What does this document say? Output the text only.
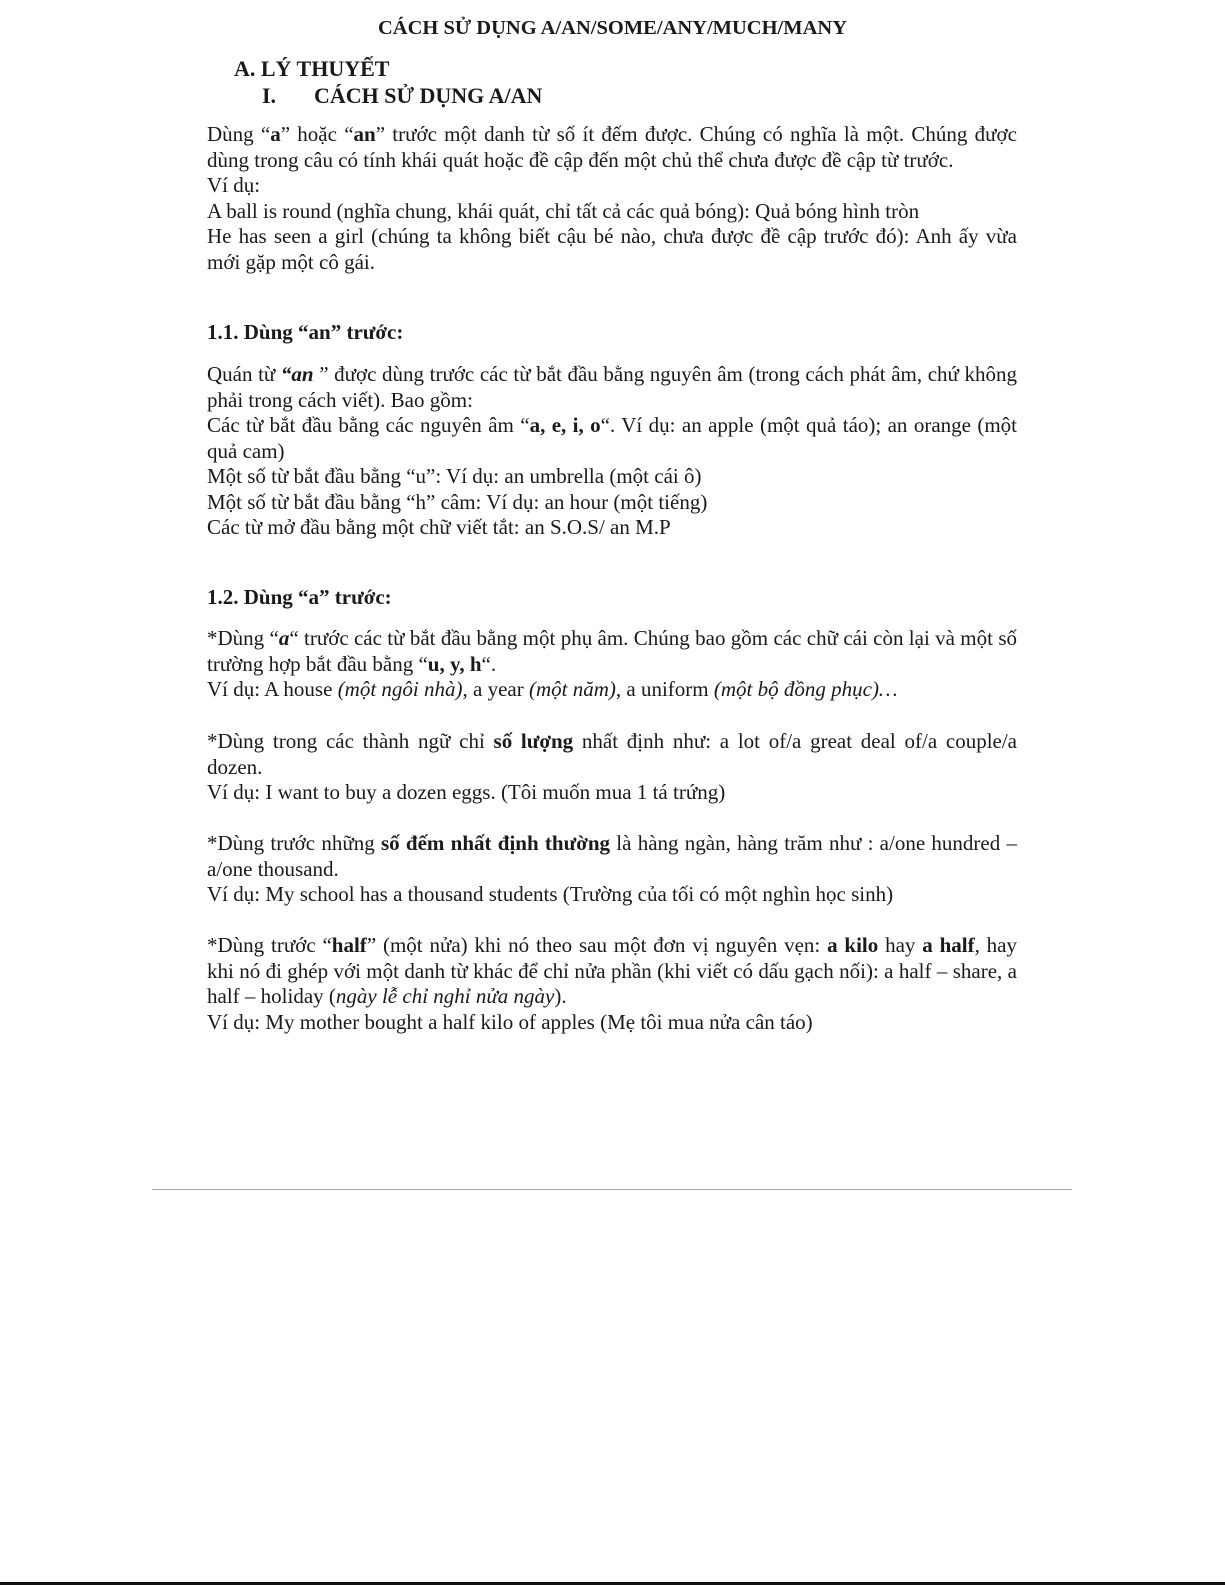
CÁCH SỬ DỤNG A/AN/SOME/ANY/MUCH/MANY
A. LÝ THUYẾT
I. CÁCH SỬ DỤNG A/AN

Dùng “a” hoặc “an” trước một danh từ số ít đếm được. Chúng có nghĩa là một. Chúng được dùng trong câu có tính khái quát hoặc đề cập đến một chủ thể chưa được đề cập từ trước.

Ví dụ:

A ball is round (nghĩa chung, khái quát, chỉ tất cả các quả bóng): Quả bóng hình tròn

He has seen a girl (chúng ta không biết cậu bé nào, chưa được đề cập trước đó): Anh ấy vừa mới gặp một cô gái.

1.1. Dùng “an” trước:

Quán từ “an ” được dùng trước các từ bắt đầu bằng nguyên âm (trong cách phát âm, chứ không phải trong cách viết). Bao gồm:

Các từ bắt đầu bằng các nguyên âm “a, e, i, o“. Ví dụ: an apple (một quả táo); an orange (một quả cam)

Một số từ bắt đầu bằng “u”: Ví dụ: an umbrella (một cái ô)

Một số từ bắt đầu bằng “h” câm: Ví dụ: an hour (một tiếng)

Các từ mở đầu bằng một chữ viết tắt: an S.O.S/ an M.P

1.2. Dùng “a” trước:

*Dùng “a“ trước các từ bắt đầu bằng một phụ âm. Chúng bao gồm các chữ cái còn lại và một số trường hợp bắt đầu bằng “u, y, h“.

Ví dụ: A house (một ngôi nhà), a year (một năm), a uniform (một bộ đồng phục)…

*Dùng trong các thành ngữ chỉ số lượng nhất định như: a lot of/a great deal of/a couple/a dozen.

Ví dụ: I want to buy a dozen eggs. (Tôi muốn mua 1 tá trứng)

*Dùng trước những số đếm nhất định thường là hàng ngàn, hàng trăm như : a/one hundred – a/one thousand.

Ví dụ: My school has a thousand students (Trường của tối có một nghìn học sinh)

*Dùng trước “half” (một nửa) khi nó theo sau một đơn vị nguyên vẹn: a kilo hay a half, hay khi nó đi ghép với một danh từ khác để chỉ nửa phần (khi viết có dấu gạch nối): a half – share, a half – holiday (ngày lễ chỉ nghỉ nửa ngày).

Ví dụ: My mother bought a half kilo of apples (Mẹ tôi mua nửa cân táo)
